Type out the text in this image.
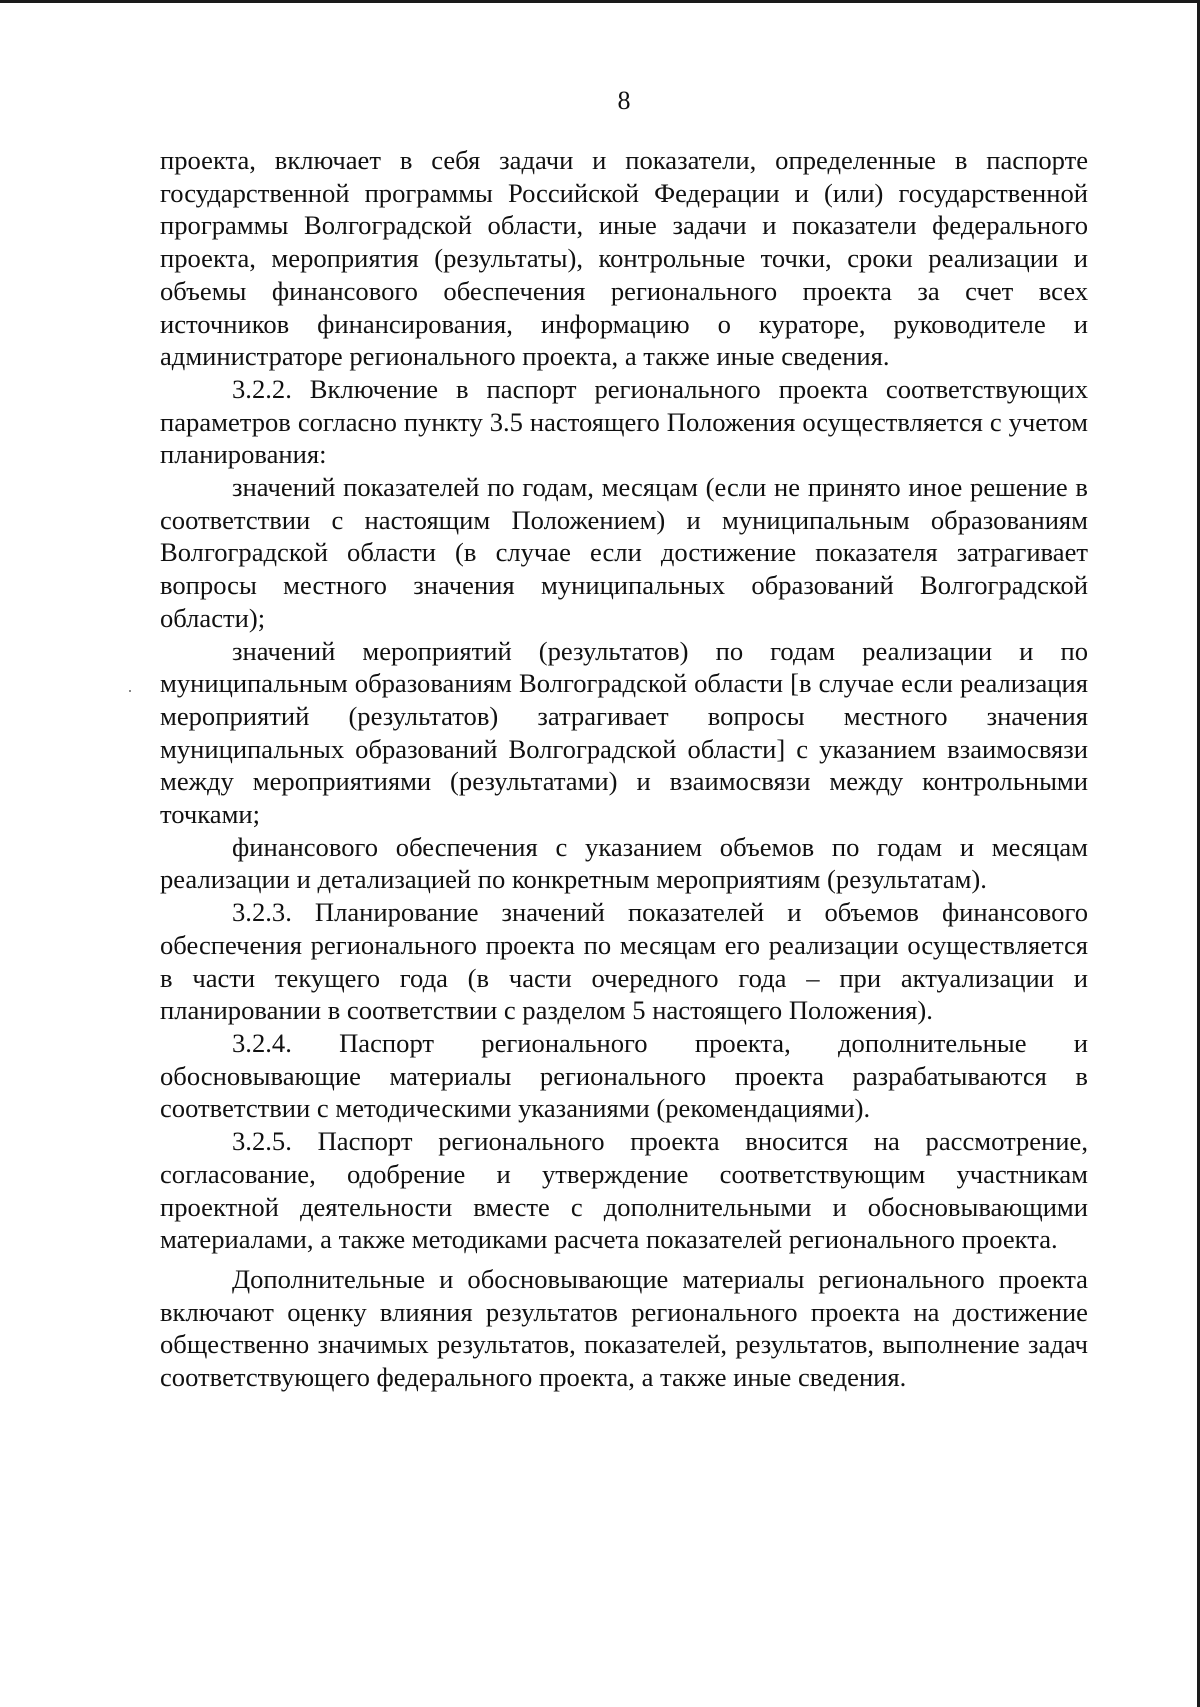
8

проекта, включает в себя задачи и показатели, определенные в паспорте государственной программы Российской Федерации и (или) государственной программы Волгоградской области, иные задачи и показатели федерального проекта, мероприятия (результаты), контрольные точки, сроки реализации и объемы финансового обеспечения регионального проекта за счет всех источников финансирования, информацию о кураторе, руководителе и администраторе регионального проекта, а также иные сведения.

3.2.2. Включение в паспорт регионального проекта соответствующих параметров согласно пункту 3.5 настоящего Положения осуществляется с учетом планирования:

значений показателей по годам, месяцам (если не принято иное решение в соответствии с настоящим Положением) и муниципальным образованиям Волгоградской области (в случае если достижение показателя затрагивает вопросы местного значения муниципальных образований Волгоградской области);

значений мероприятий (результатов) по годам реализации и по муниципальным образованиям Волгоградской области [в случае если реализация мероприятий (результатов) затрагивает вопросы местного значения муниципальных образований Волгоградской области] с указанием взаимосвязи между мероприятиями (результатами) и взаимосвязи между контрольными точками;

финансового обеспечения с указанием объемов по годам и месяцам реализации и детализацией по конкретным мероприятиям (результатам).

3.2.3. Планирование значений показателей и объемов финансового обеспечения регионального проекта по месяцам его реализации осуществляется в части текущего года (в части очередного года – при актуализации и планировании в соответствии с разделом 5 настоящего Положения).

3.2.4. Паспорт регионального проекта, дополнительные и обосновывающие материалы регионального проекта разрабатываются в соответствии с методическими указаниями (рекомендациями).

3.2.5. Паспорт регионального проекта вносится на рассмотрение, согласование, одобрение и утверждение соответствующим участникам проектной деятельности вместе с дополнительными и обосновывающими материалами, а также методиками расчета показателей регионального проекта.

Дополнительные и обосновывающие материалы регионального проекта включают оценку влияния результатов регионального проекта на достижение общественно значимых результатов, показателей, результатов, выполнение задач соответствующего федерального проекта, а также иные сведения.
